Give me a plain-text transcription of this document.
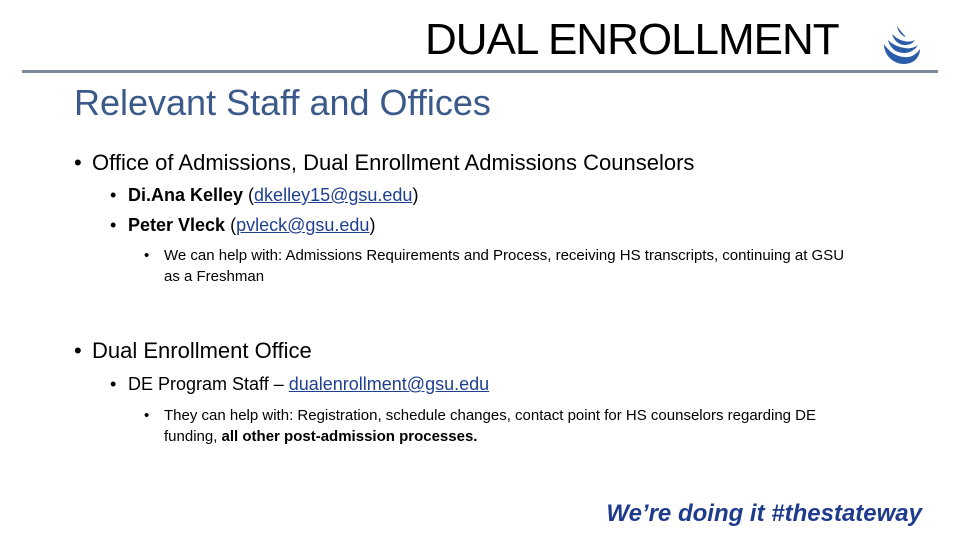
DUAL ENROLLMENT
Relevant Staff and Offices
• Office of Admissions, Dual Enrollment Admissions Counselors
• Di.Ana Kelley (dkelley15@gsu.edu)
• Peter Vleck (pvleck@gsu.edu)
• We can help with: Admissions Requirements and Process, receiving HS transcripts, continuing at GSU as a Freshman
• Dual Enrollment Office
• DE Program Staff – dualenrollment@gsu.edu
• They can help with: Registration, schedule changes, contact point for HS counselors regarding DE funding, all other post-admission processes.
We’re doing it #thestateway
